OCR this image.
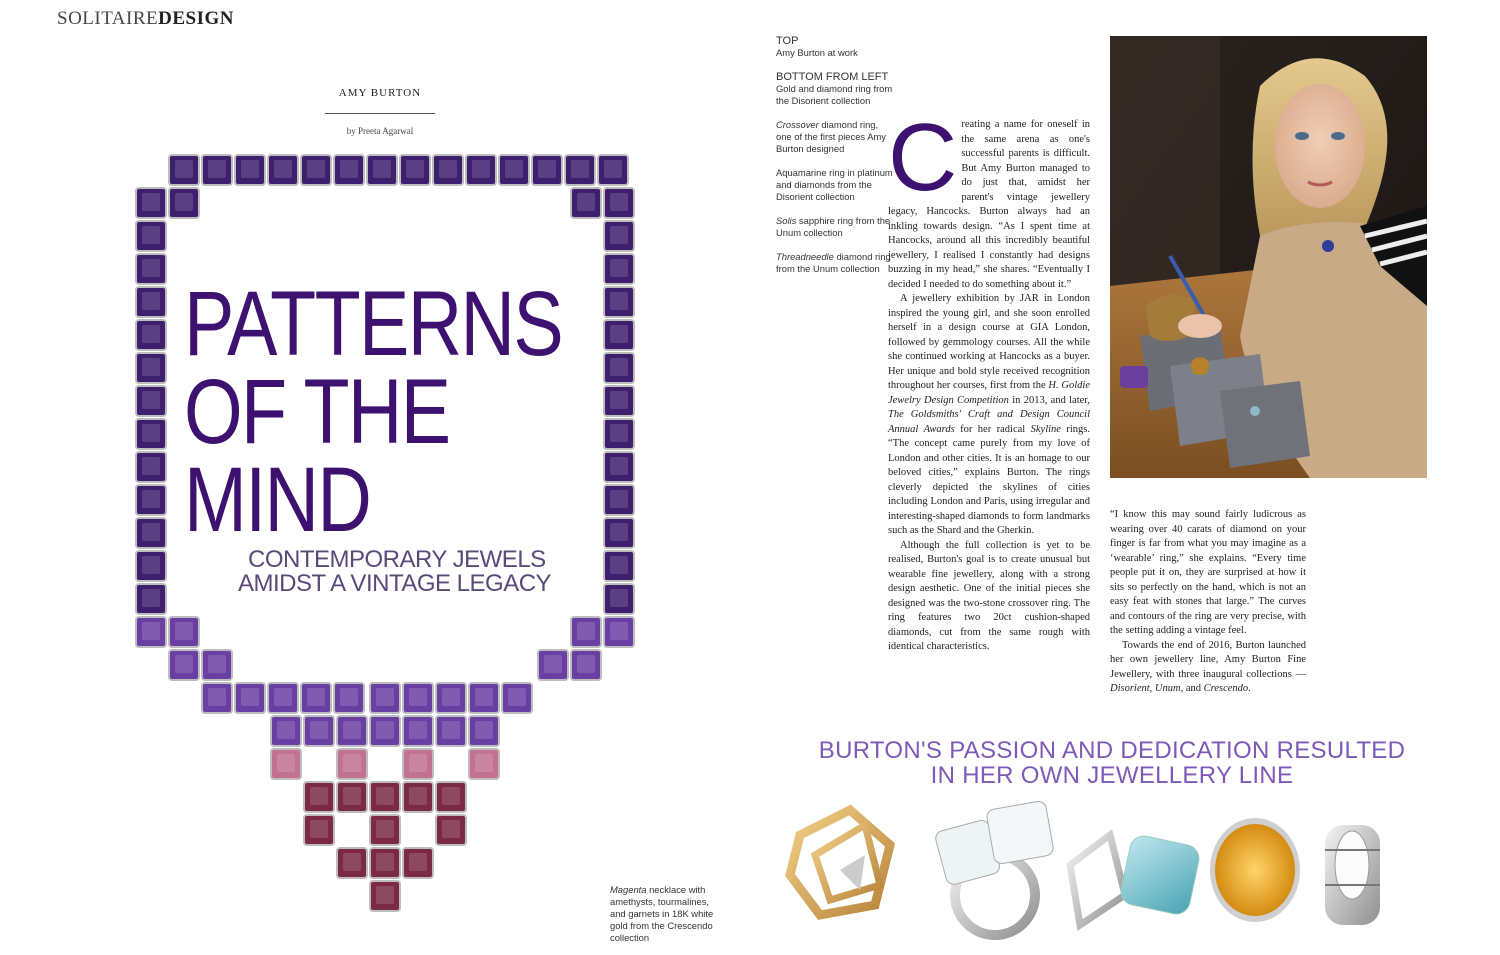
SOLITAIREDESIGN
AMY BURTON
by Preeta Agarwal
PATTERNS
OF THE
MIND
CONTEMPORARY JEWELS
AMIDST A VINTAGE LEGACY
Magenta necklace with amethysts, tourmalines, and garnets in 18K white gold from the Crescendo collection

TOP
Amy Burton at work

BOTTOM FROM LEFT
Gold and diamond ring from the Disorient collection

Crossover diamond ring, one of the first pieces Amy Burton designed

Aquamarine ring in platinum and diamonds from the Disorient collection

Solis sapphire ring from the Unum collection

Threadneedle diamond ring from the Unum collection

Creating a name for oneself in the same arena as one's successful parents is difficult. But Amy Burton managed to do just that, amidst her parent's vintage jewellery legacy, Hancocks. Burton always had an inkling towards design. “As I spent time at Hancocks, around all this incredibly beautiful jewellery, I realised I constantly had designs buzzing in my head,” she shares. “Eventually I decided I needed to do something about it.”

A jewellery exhibition by JAR in London inspired the young girl, and she soon enrolled herself in a design course at GIA London, followed by gemmology courses. All the while she continued working at Hancocks as a buyer. Her unique and bold style received recognition throughout her courses, first from the H. Goldie Jewelry Design Competition in 2013, and later, The Goldsmiths' Craft and Design Council Annual Awards for her radical Skyline rings. “The concept came purely from my love of London and other cities. It is an homage to our beloved cities,” explains Burton. The rings cleverly depicted the skylines of cities including London and Paris, using irregular and interesting-shaped diamonds to form landmarks such as the Shard and the Gherkin.

Although the full collection is yet to be realised, Burton's goal is to create unusual but wearable fine jewellery, along with a strong design aesthetic. One of the initial pieces she designed was the two-stone crossover ring. The ring features two 20ct cushion-shaped diamonds, cut from the same rough with identical characteristics.

“I know this may sound fairly ludicrous as wearing over 40 carats of diamond on your finger is far from what you may imagine as a ‘wearable’ ring,” she explains. “Every time people put it on, they are surprised at how it sits so perfectly on the hand, which is not an easy feat with stones that large.” The curves and contours of the ring are very precise, with the setting adding a vintage feel.

Towards the end of 2016, Burton launched her own jewellery line, Amy Burton Fine Jewellery, with three inaugural collections — Disorient, Unum, and Crescendo.

BURTON'S PASSION AND DEDICATION RESULTED
IN HER OWN JEWELLERY LINE
